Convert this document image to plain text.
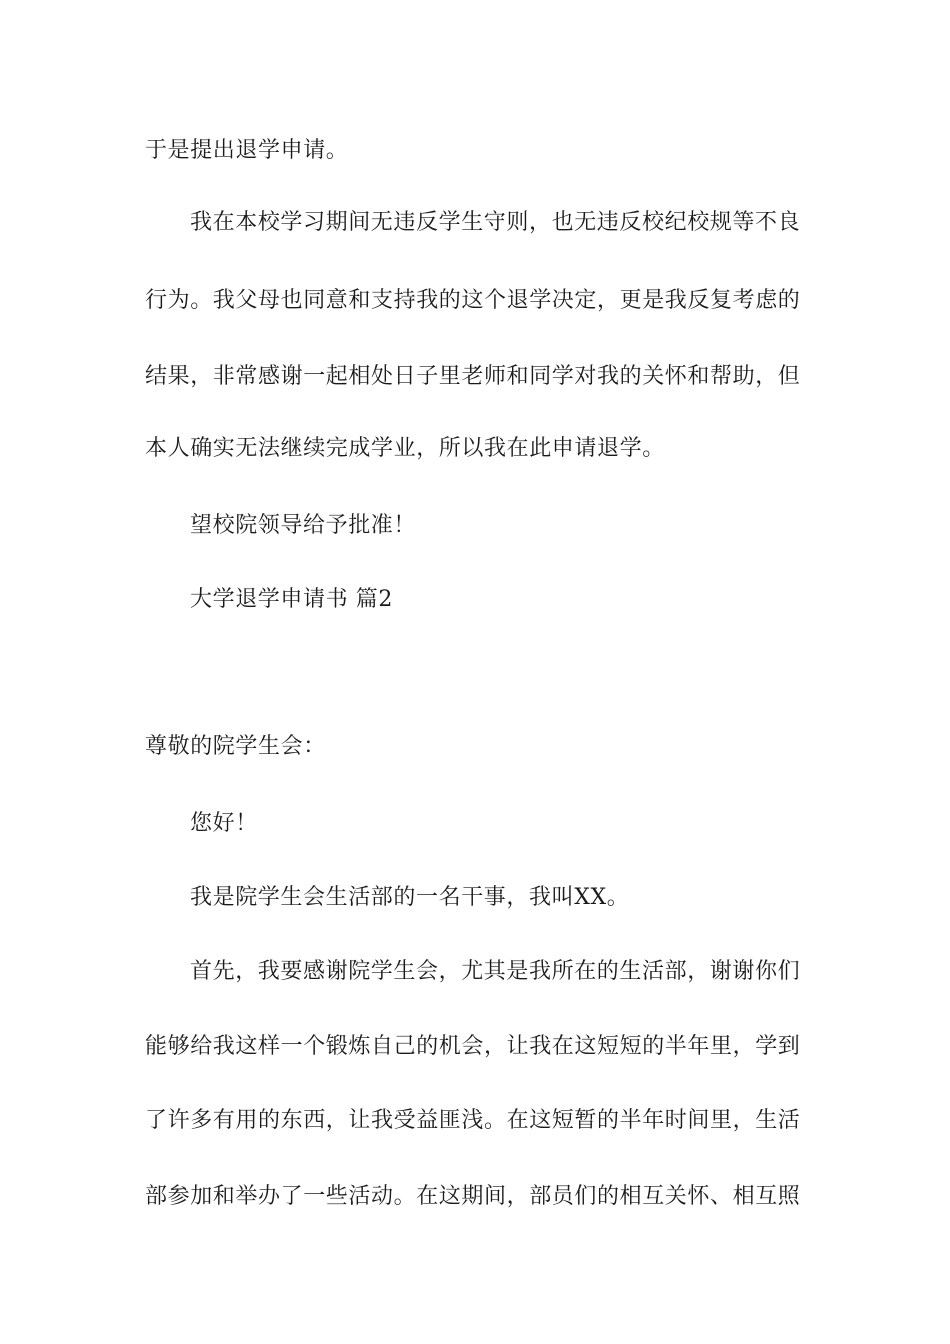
于是提出退学申请。
我在本校学习期间无违反学生守则，也无违反校纪校规等不良
行为。我父母也同意和支持我的这个退学决定，更是我反复考虑的
结果，非常感谢一起相处日子里老师和同学对我的关怀和帮助，但
本人确实无法继续完成学业，所以我在此申请退学。
望校院领导给予批准！
大学退学申请书 篇2
尊敬的院学生会：
您好！
我是院学生会生活部的一名干事，我叫XX。
首先，我要感谢院学生会，尤其是我所在的生活部，谢谢你们
能够给我这样一个锻炼自己的机会，让我在这短短的半年里，学到
了许多有用的东西，让我受益匪浅。在这短暂的半年时间里，生活
部参加和举办了一些活动。在这期间，部员们的相互关怀、相互照
